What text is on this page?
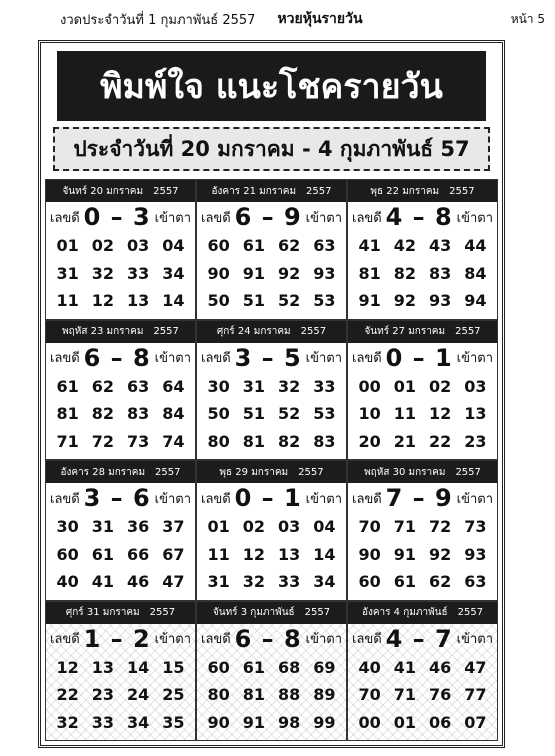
งวดประจำวันที่ 1 กุมภาพันธ์ 2557 หวยหุ้นรายวัน	หน้า 5
พิมพ์ใจ แนะโชครายวัน
ประจำวันที่ 20 มกราคม - 4 กุมภาพันธ์ 57
จันทร์ 20 มกราคม 2557
เลขดี 0 – 3 เข้าตา
01 02 03 04
31 32 33 34
11 12 13 14
อังคาร 21 มกราคม 2557
เลขดี 6 – 9 เข้าตา
60 61 62 63
90 91 92 93
50 51 52 53
พุธ 22 มกราคม 2557
เลขดี 4 – 8 เข้าตา
41 42 43 44
81 82 83 84
91 92 93 94
พฤหัส 23 มกราคม 2557
เลขดี 6 – 8 เข้าตา
61 62 63 64
81 82 83 84
71 72 73 74
ศุกร์ 24 มกราคม 2557
เลขดี 3 – 5 เข้าตา
30 31 32 33
50 51 52 53
80 81 82 83
จันทร์ 27 มกราคม 2557
เลขดี 0 – 1 เข้าตา
00 01 02 03
10 11 12 13
20 21 22 23
อังคาร 28 มกราคม 2557
เลขดี 3 – 6 เข้าตา
30 31 36 37
60 61 66 67
40 41 46 47
พุธ 29 มกราคม 2557
เลขดี 0 – 1 เข้าตา
01 02 03 04
11 12 13 14
31 32 33 34
พฤหัส 30 มกราคม 2557
เลขดี 7 – 9 เข้าตา
70 71 72 73
90 91 92 93
60 61 62 63
ศุกร์ 31 มกราคม 2557
เลขดี 1 – 2 เข้าตา
12 13 14 15
22 23 24 25
32 33 34 35
จันทร์ 3 กุมภาพันธ์ 2557
เลขดี 6 – 8 เข้าตา
60 61 68 69
80 81 88 89
90 91 98 99
อังคาร 4 กุมภาพันธ์ 2557
เลขดี 4 – 7 เข้าตา
40 41 46 47
70 71 76 77
00 01 06 07
